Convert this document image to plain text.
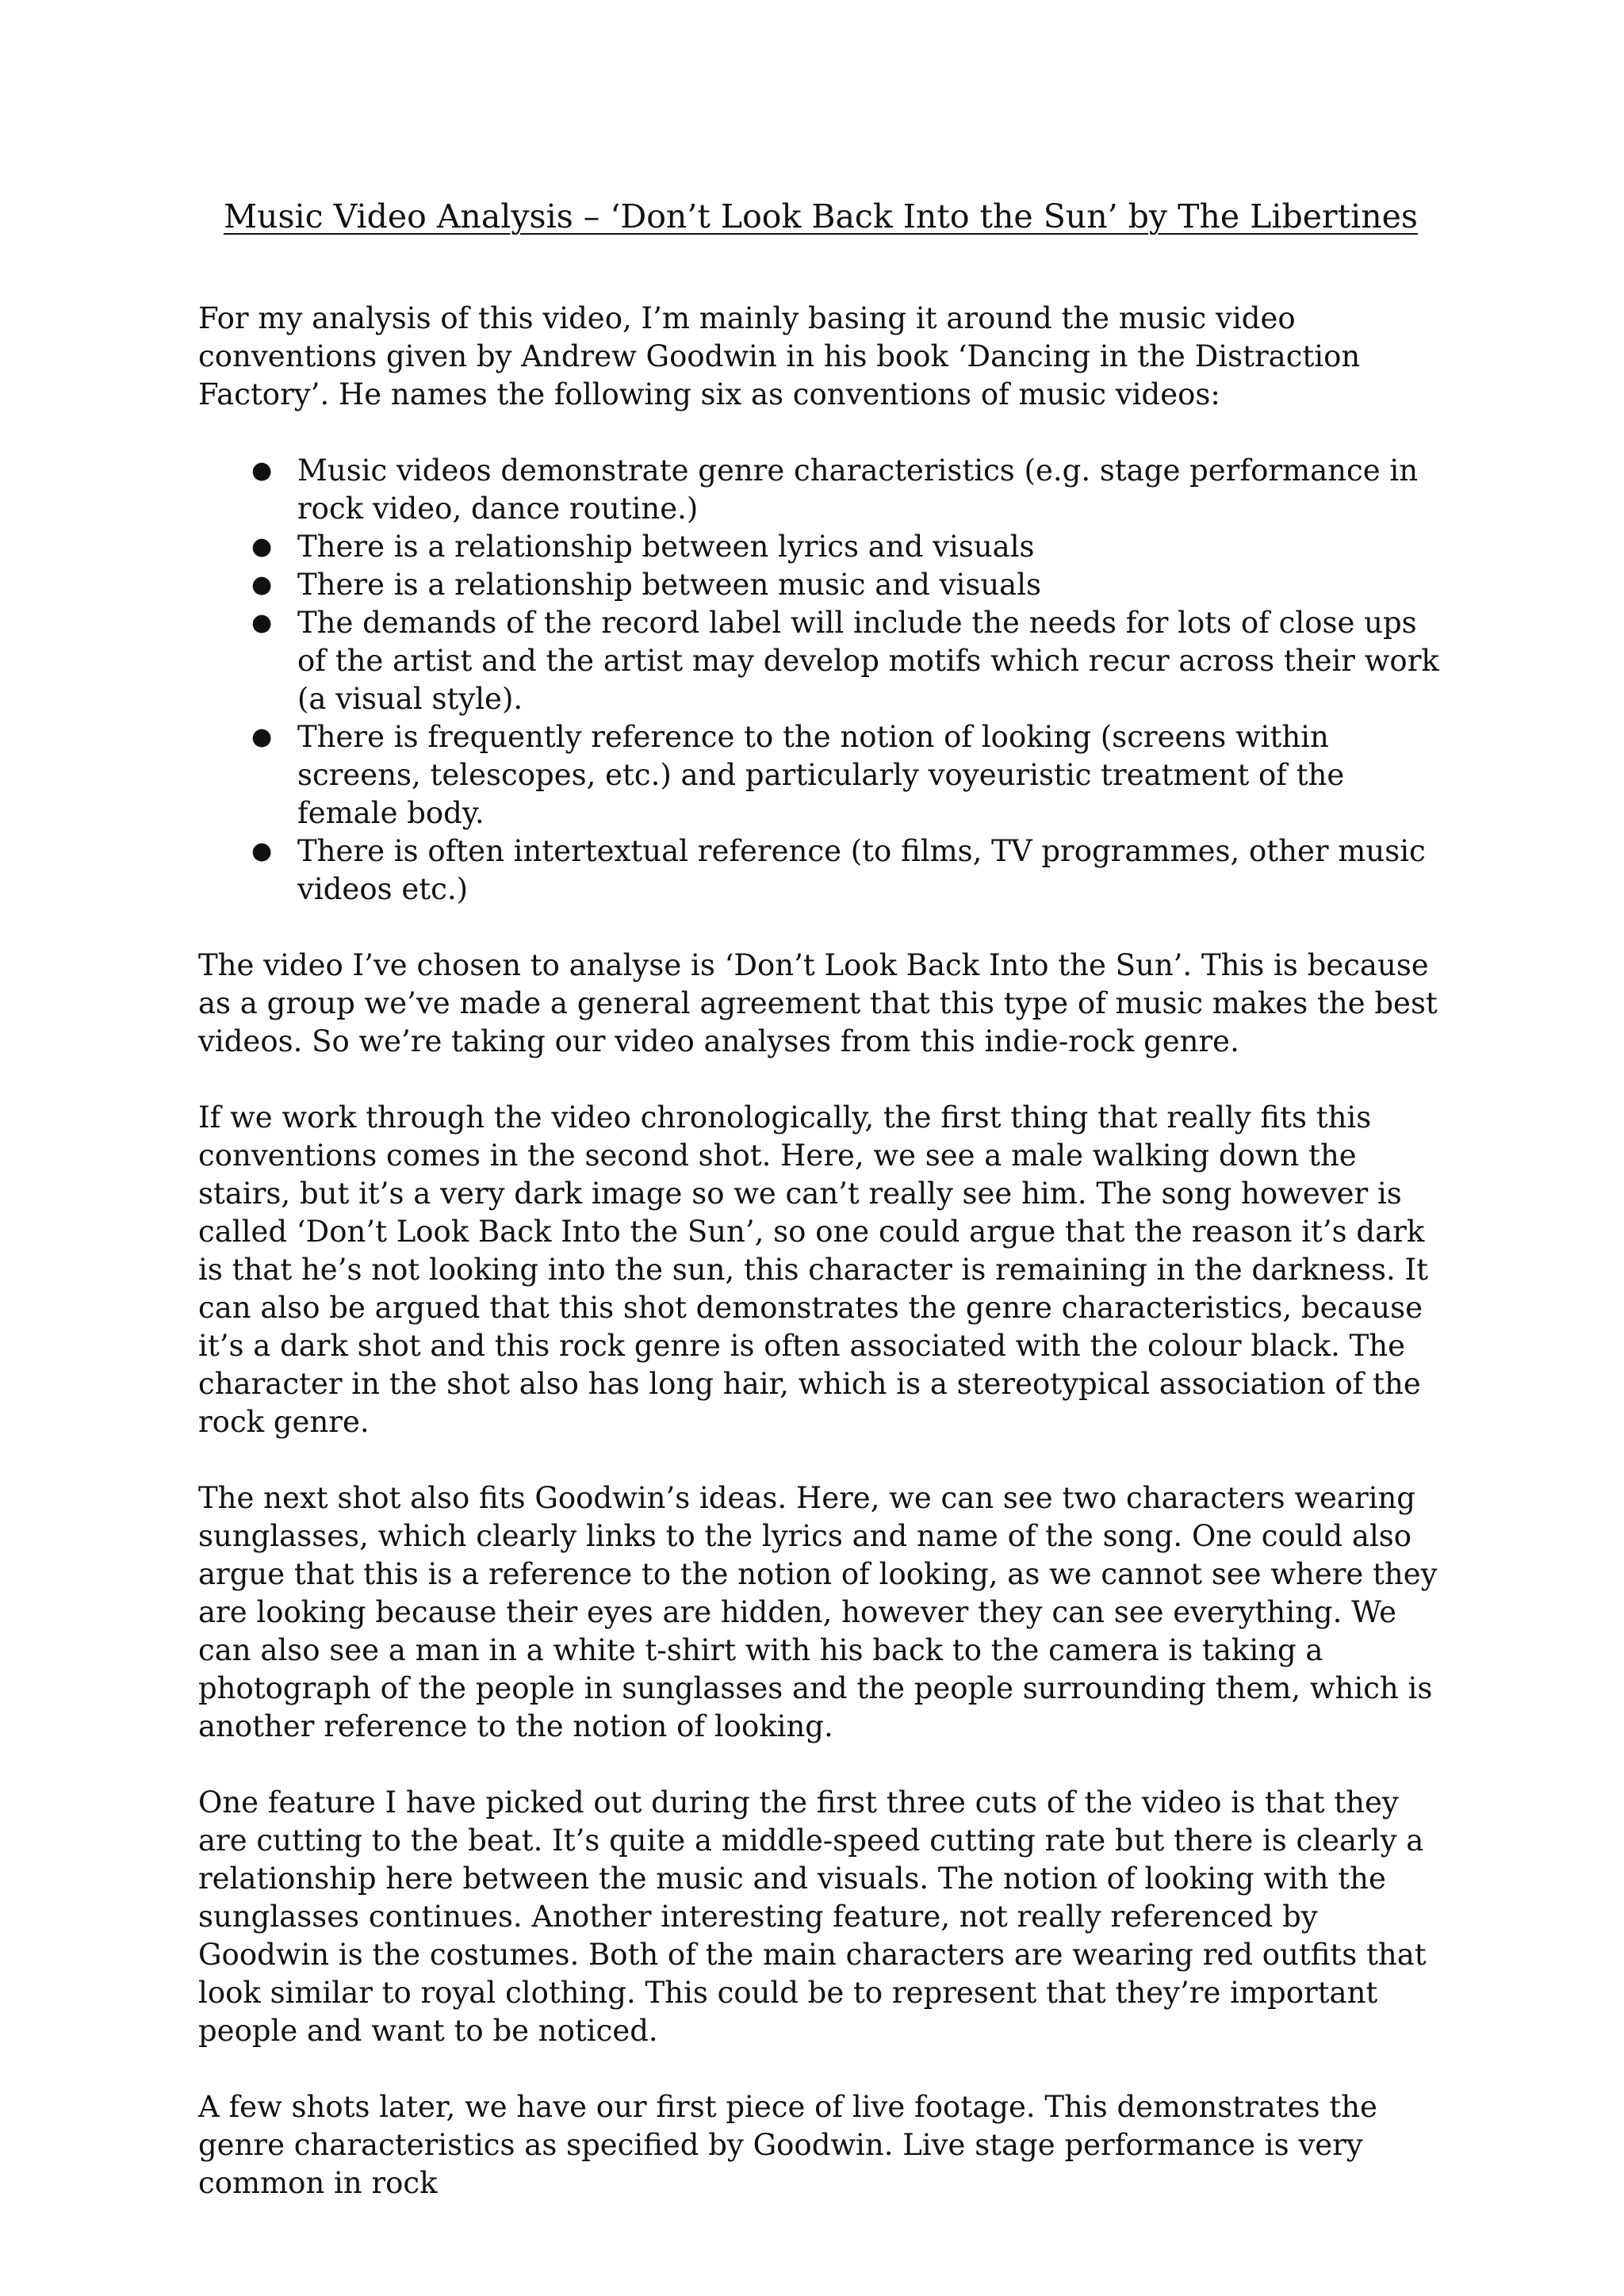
Music Video Analysis – ‘Don’t Look Back Into the Sun’ by The Libertines

For my analysis of this video, I’m mainly basing it around the music video conventions given by Andrew Goodwin in his book ‘Dancing in the Distraction Factory’. He names the following six as conventions of music videos:

● Music videos demonstrate genre characteristics (e.g. stage performance in rock video, dance routine.)
● There is a relationship between lyrics and visuals
● There is a relationship between music and visuals
● The demands of the record label will include the needs for lots of close ups of the artist and the artist may develop motifs which recur across their work (a visual style).
● There is frequently reference to the notion of looking (screens within screens, telescopes, etc.) and particularly voyeuristic treatment of the female body.
● There is often intertextual reference (to films, TV programmes, other music videos etc.)

The video I’ve chosen to analyse is ‘Don’t Look Back Into the Sun’. This is because as a group we’ve made a general agreement that this type of music makes the best videos. So we’re taking our video analyses from this indie-rock genre.

If we work through the video chronologically, the first thing that really fits this conventions comes in the second shot. Here, we see a male walking down the stairs, but it’s a very dark image so we can’t really see him. The song however is called ‘Don’t Look Back Into the Sun’, so one could argue that the reason it’s dark is that he’s not looking into the sun, this character is remaining in the darkness. It can also be argued that this shot demonstrates the genre characteristics, because it’s a dark shot and this rock genre is often associated with the colour black. The character in the shot also has long hair, which is a stereotypical association of the rock genre.

The next shot also fits Goodwin’s ideas. Here, we can see two characters wearing sunglasses, which clearly links to the lyrics and name of the song. One could also argue that this is a reference to the notion of looking, as we cannot see where they are looking because their eyes are hidden, however they can see everything. We can also see a man in a white t-shirt with his back to the camera is taking a photograph of the people in sunglasses and the people surrounding them, which is another reference to the notion of looking.

One feature I have picked out during the first three cuts of the video is that they are cutting to the beat. It’s quite a middle-speed cutting rate but there is clearly a relationship here between the music and visuals. The notion of looking with the sunglasses continues. Another interesting feature, not really referenced by Goodwin is the costumes. Both of the main characters are wearing red outfits that look similar to royal clothing. This could be to represent that they’re important people and want to be noticed.

A few shots later, we have our first piece of live footage. This demonstrates the genre characteristics as specified by Goodwin. Live stage performance is very common in rock
